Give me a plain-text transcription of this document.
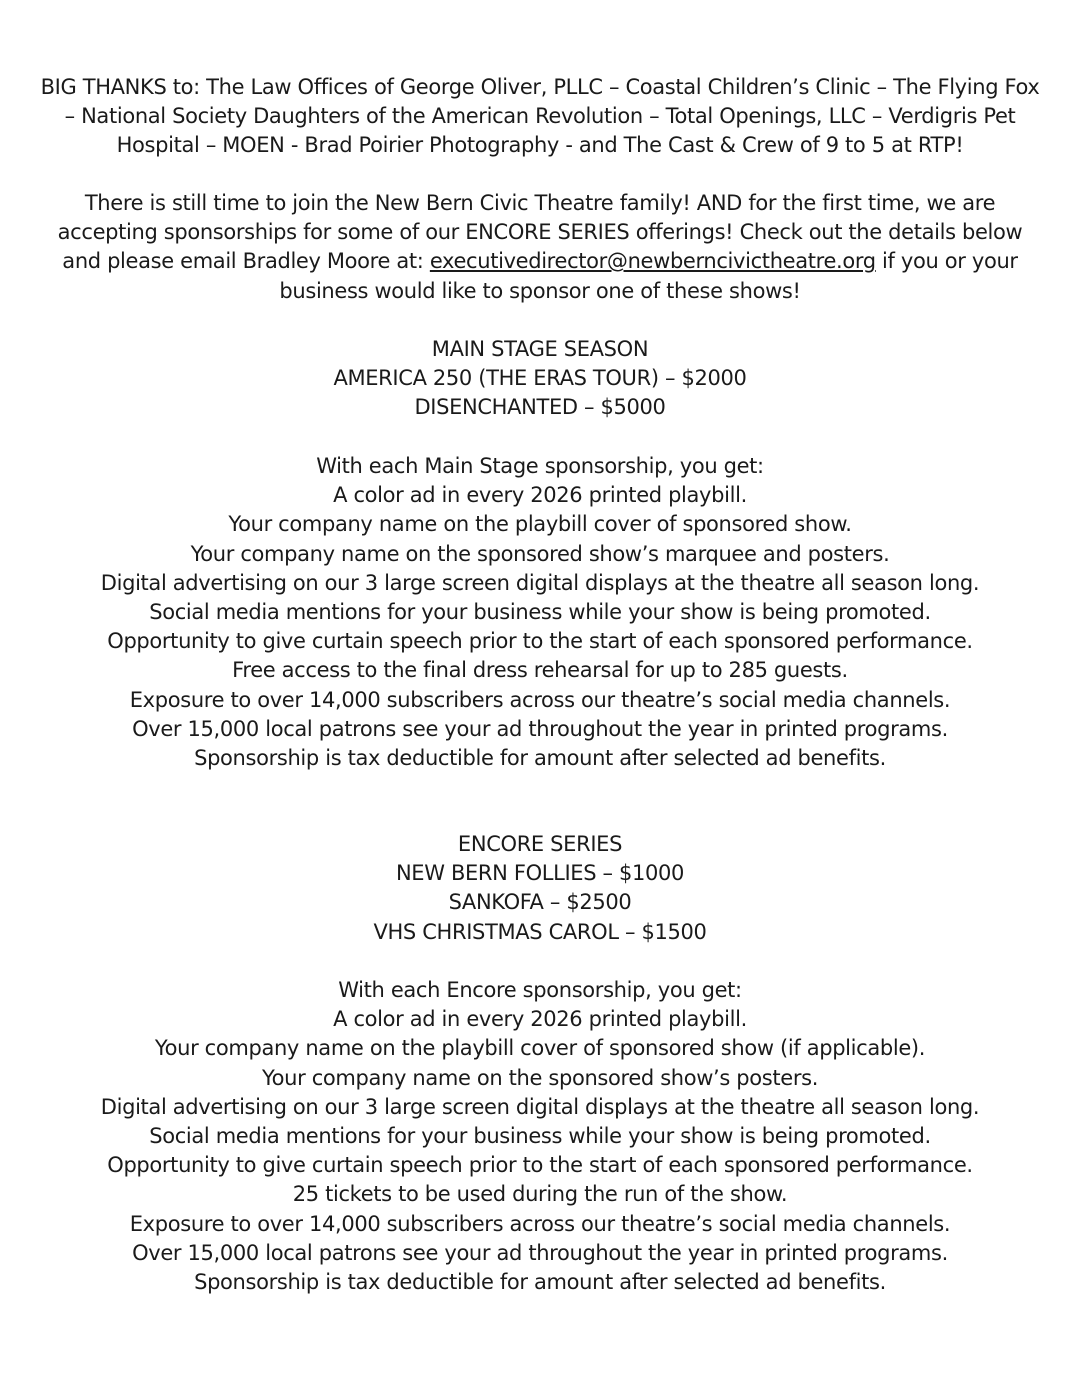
BIG THANKS to: The Law Offices of George Oliver, PLLC – Coastal Children’s Clinic – The Flying Fox
– National Society Daughters of the American Revolution – Total Openings, LLC – Verdigris Pet
Hospital – MOEN - Brad Poirier Photography - and The Cast & Crew of 9 to 5 at RTP!
There is still time to join the New Bern Civic Theatre family! AND for the first time, we are
accepting sponsorships for some of our ENCORE SERIES offerings! Check out the details below
and please email Bradley Moore at: executivedirector@newberncivictheatre.org if you or your
business would like to sponsor one of these shows!
MAIN STAGE SEASON
AMERICA 250 (THE ERAS TOUR) – $2000
DISENCHANTED – $5000
With each Main Stage sponsorship, you get:
A color ad in every 2026 printed playbill.
Your company name on the playbill cover of sponsored show.
Your company name on the sponsored show’s marquee and posters.
Digital advertising on our 3 large screen digital displays at the theatre all season long.
Social media mentions for your business while your show is being promoted.
Opportunity to give curtain speech prior to the start of each sponsored performance.
Free access to the final dress rehearsal for up to 285 guests.
Exposure to over 14,000 subscribers across our theatre’s social media channels.
Over 15,000 local patrons see your ad throughout the year in printed programs.
Sponsorship is tax deductible for amount after selected ad benefits.
ENCORE SERIES
NEW BERN FOLLIES – $1000
SANKOFA – $2500
VHS CHRISTMAS CAROL – $1500
With each Encore sponsorship, you get:
A color ad in every 2026 printed playbill.
Your company name on the playbill cover of sponsored show (if applicable).
Your company name on the sponsored show’s posters.
Digital advertising on our 3 large screen digital displays at the theatre all season long.
Social media mentions for your business while your show is being promoted.
Opportunity to give curtain speech prior to the start of each sponsored performance.
25 tickets to be used during the run of the show.
Exposure to over 14,000 subscribers across our theatre’s social media channels.
Over 15,000 local patrons see your ad throughout the year in printed programs.
Sponsorship is tax deductible for amount after selected ad benefits.
